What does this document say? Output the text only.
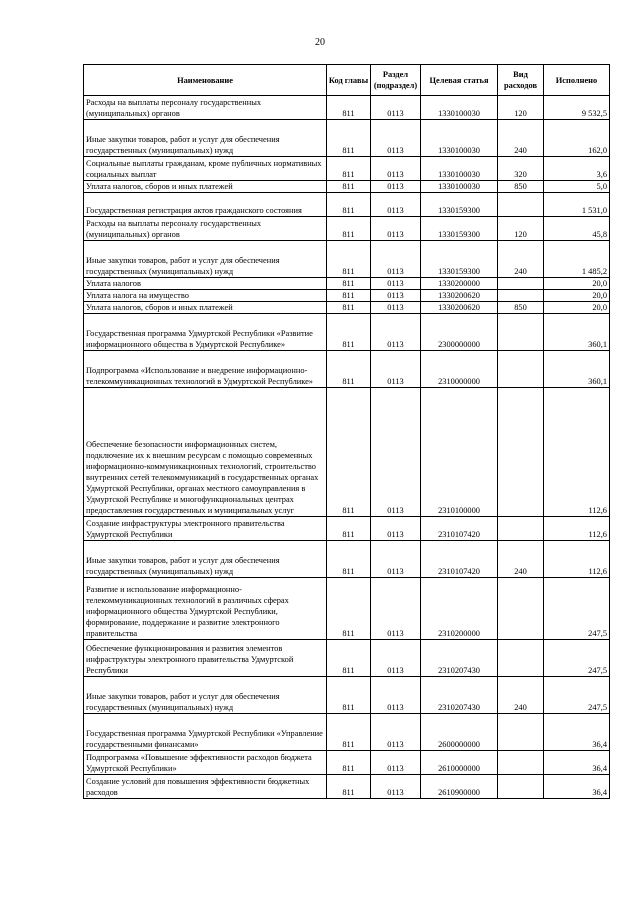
20
Наименование	Код главы	Раздел (подраздел)	Целевая статья	Вид расходов	Исполнено
Расходы на выплаты персоналу государственных (муниципальных) органов	811	0113	1330100030	120	9 532,5
Иные закупки товаров, работ и услуг для обеспечения государственных (муниципальных) нужд	811	0113	1330100030	240	162,0
Социальные выплаты гражданам, кроме публичных нормативных социальных выплат	811	0113	1330100030	320	3,6
Уплата налогов, сборов и иных платежей	811	0113	1330100030	850	5,0
Государственная регистрация актов гражданского состояния	811	0113	1330159300		1 531,0
Расходы на выплаты персоналу государственных (муниципальных) органов	811	0113	1330159300	120	45,8
Иные закупки товаров, работ и услуг для обеспечения государственных (муниципальных) нужд	811	0113	1330159300	240	1 485,2
Уплата налогов	811	0113	1330200000		20,0
Уплата налога на имущество	811	0113	1330200620		20,0
Уплата налогов, сборов и иных платежей	811	0113	1330200620	850	20,0
Государственная программа Удмуртской Республики «Развитие информационного общества в Удмуртской Республике»	811	0113	2300000000		360,1
Подпрограмма «Использование и внедрение информационно-телекоммуникационных технологий в Удмуртской Республике»	811	0113	2310000000		360,1
Обеспечение безопасности информационных систем, подключение их к внешним ресурсам с помощью современных информационно-коммуникационных технологий, строительство внутренних сетей телекоммуникаций в государственных органах Удмуртской Республики, органах местного самоуправления в Удмуртской Республике и многофункциональных центрах предоставления государственных и муниципальных услуг	811	0113	2310100000		112,6
Создание инфраструктуры электронного правительства Удмуртской Республики	811	0113	2310107420		112,6
Иные закупки товаров, работ и услуг для обеспечения государственных (муниципальных) нужд	811	0113	2310107420	240	112,6
Развитие и использование информационно-телекоммуникационных технологий в различных сферах информационного общества Удмуртской Республики, формирование, поддержание и развитие электронного правительства	811	0113	2310200000		247,5
Обеспечение функционирования и развития элементов инфраструктуры электронного правительства Удмуртской Республики	811	0113	2310207430		247,5
Иные закупки товаров, работ и услуг для обеспечения государственных (муниципальных) нужд	811	0113	2310207430	240	247,5
Государственная программа Удмуртской Республики «Управление государственными финансами»	811	0113	2600000000		36,4
Подпрограмма «Повышение эффективности расходов бюджета Удмуртской Республики»	811	0113	2610000000		36,4
Создание условий для повышения эффективности бюджетных расходов	811	0113	2610900000		36,4
